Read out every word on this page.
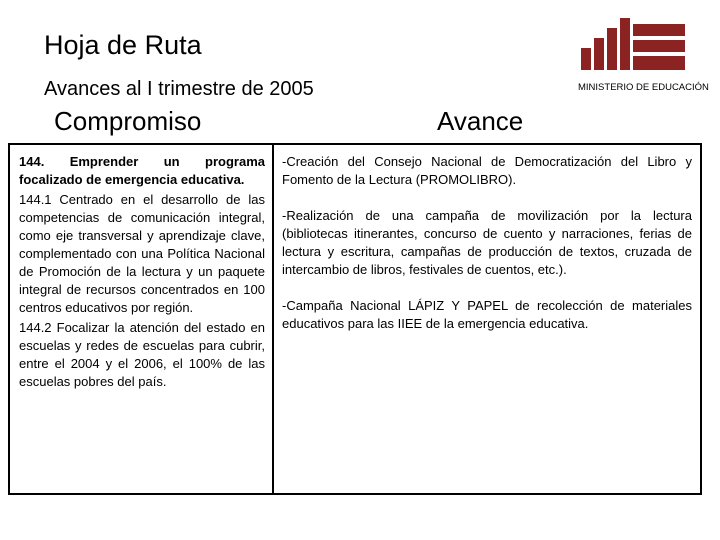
Hoja de Ruta
Avances al I trimestre de 2005	MINISTERIO DE EDUCACIÓN
Compromiso	Avance

144. Emprender un programa focalizado de emergencia educativa.

144.1 Centrado en el desarrollo de las competencias de comunicación integral, como eje transversal y aprendizaje clave, complementado con una Política Nacional de Promoción de la lectura y un paquete integral de recursos concentrados en 100 centros educativos por región.

144.2 Focalizar la atención del estado en escuelas y redes de escuelas para cubrir, entre el 2004 y el 2006, el 100% de las escuelas pobres del país.

-Creación del Consejo Nacional de Democratización del Libro y Fomento de la Lectura (PROMOLIBRO).

-Realización de una campaña de movilización por la lectura (bibliotecas itinerantes, concurso de cuento y narraciones, ferias de lectura y escritura, campañas de producción de textos, cruzada de intercambio de libros, festivales de cuentos, etc.).

-Campaña Nacional LÁPIZ Y PAPEL de recolección de materiales educativos para las IIEE de la emergencia educativa.
